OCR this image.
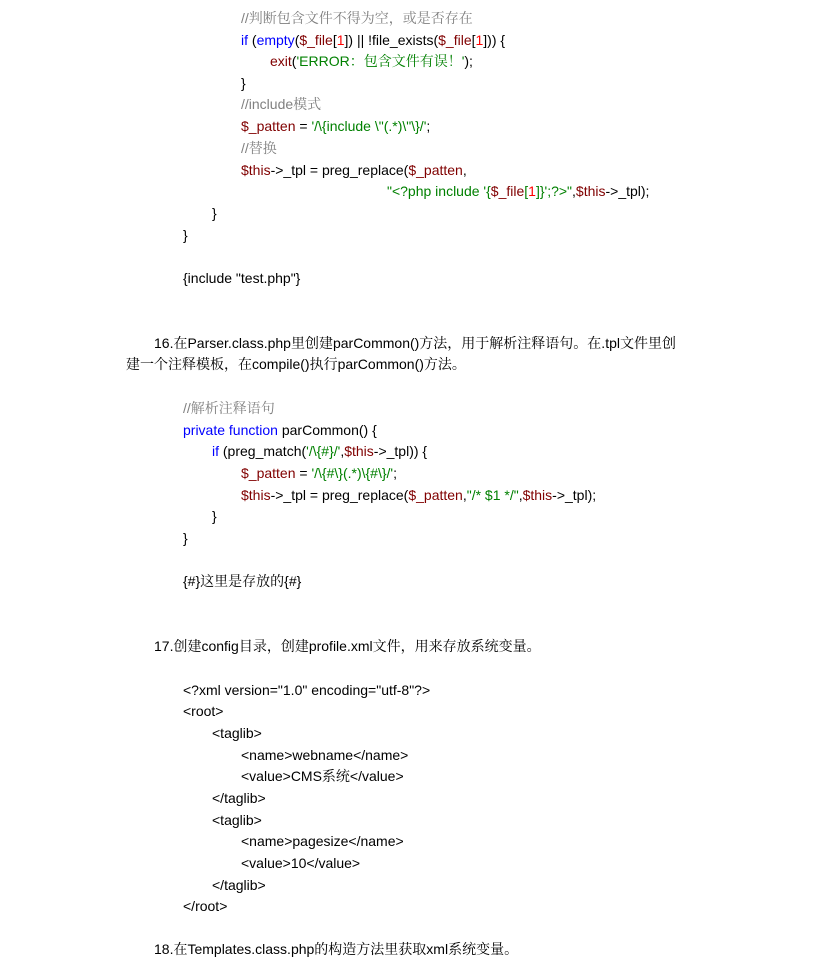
//判断包含文件不得为空，或是否存在
if (empty($_file[1]) || !file_exists($_file[1])) {
exit('ERROR：包含文件有误！');
}
//include模式
$_patten = '/\{include \"(.*)\"\}/';
//替换
$this->_tpl = preg_replace($_patten,
"<?php include '{$_file[1]}';?>",$this->_tpl);
}
}
{include "test.php"}
16.在Parser.class.php里创建parCommon()方法，用于解析注释语句。在.tpl文件里创
建一个注释模板，在compile()执行parCommon()方法。
//解析注释语句
private function parCommon() {
if (preg_match('/\{#}/',$this->_tpl)) {
$_patten = '/\{#\}(.*)\{#\}/';
$this->_tpl = preg_replace($_patten,"/* $1 */",$this->_tpl);
}
}
{#}这里是存放的{#}
17.创建config目录，创建profile.xml文件，用来存放系统变量。
<?xml version="1.0" encoding="utf-8"?>
<root>
<taglib>
<name>webname</name>
<value>CMS系统</value>
</taglib>
<taglib>
<name>pagesize</name>
<value>10</value>
</taglib>
</root>
18.在Templates.class.php的构造方法里获取xml系统变量。
